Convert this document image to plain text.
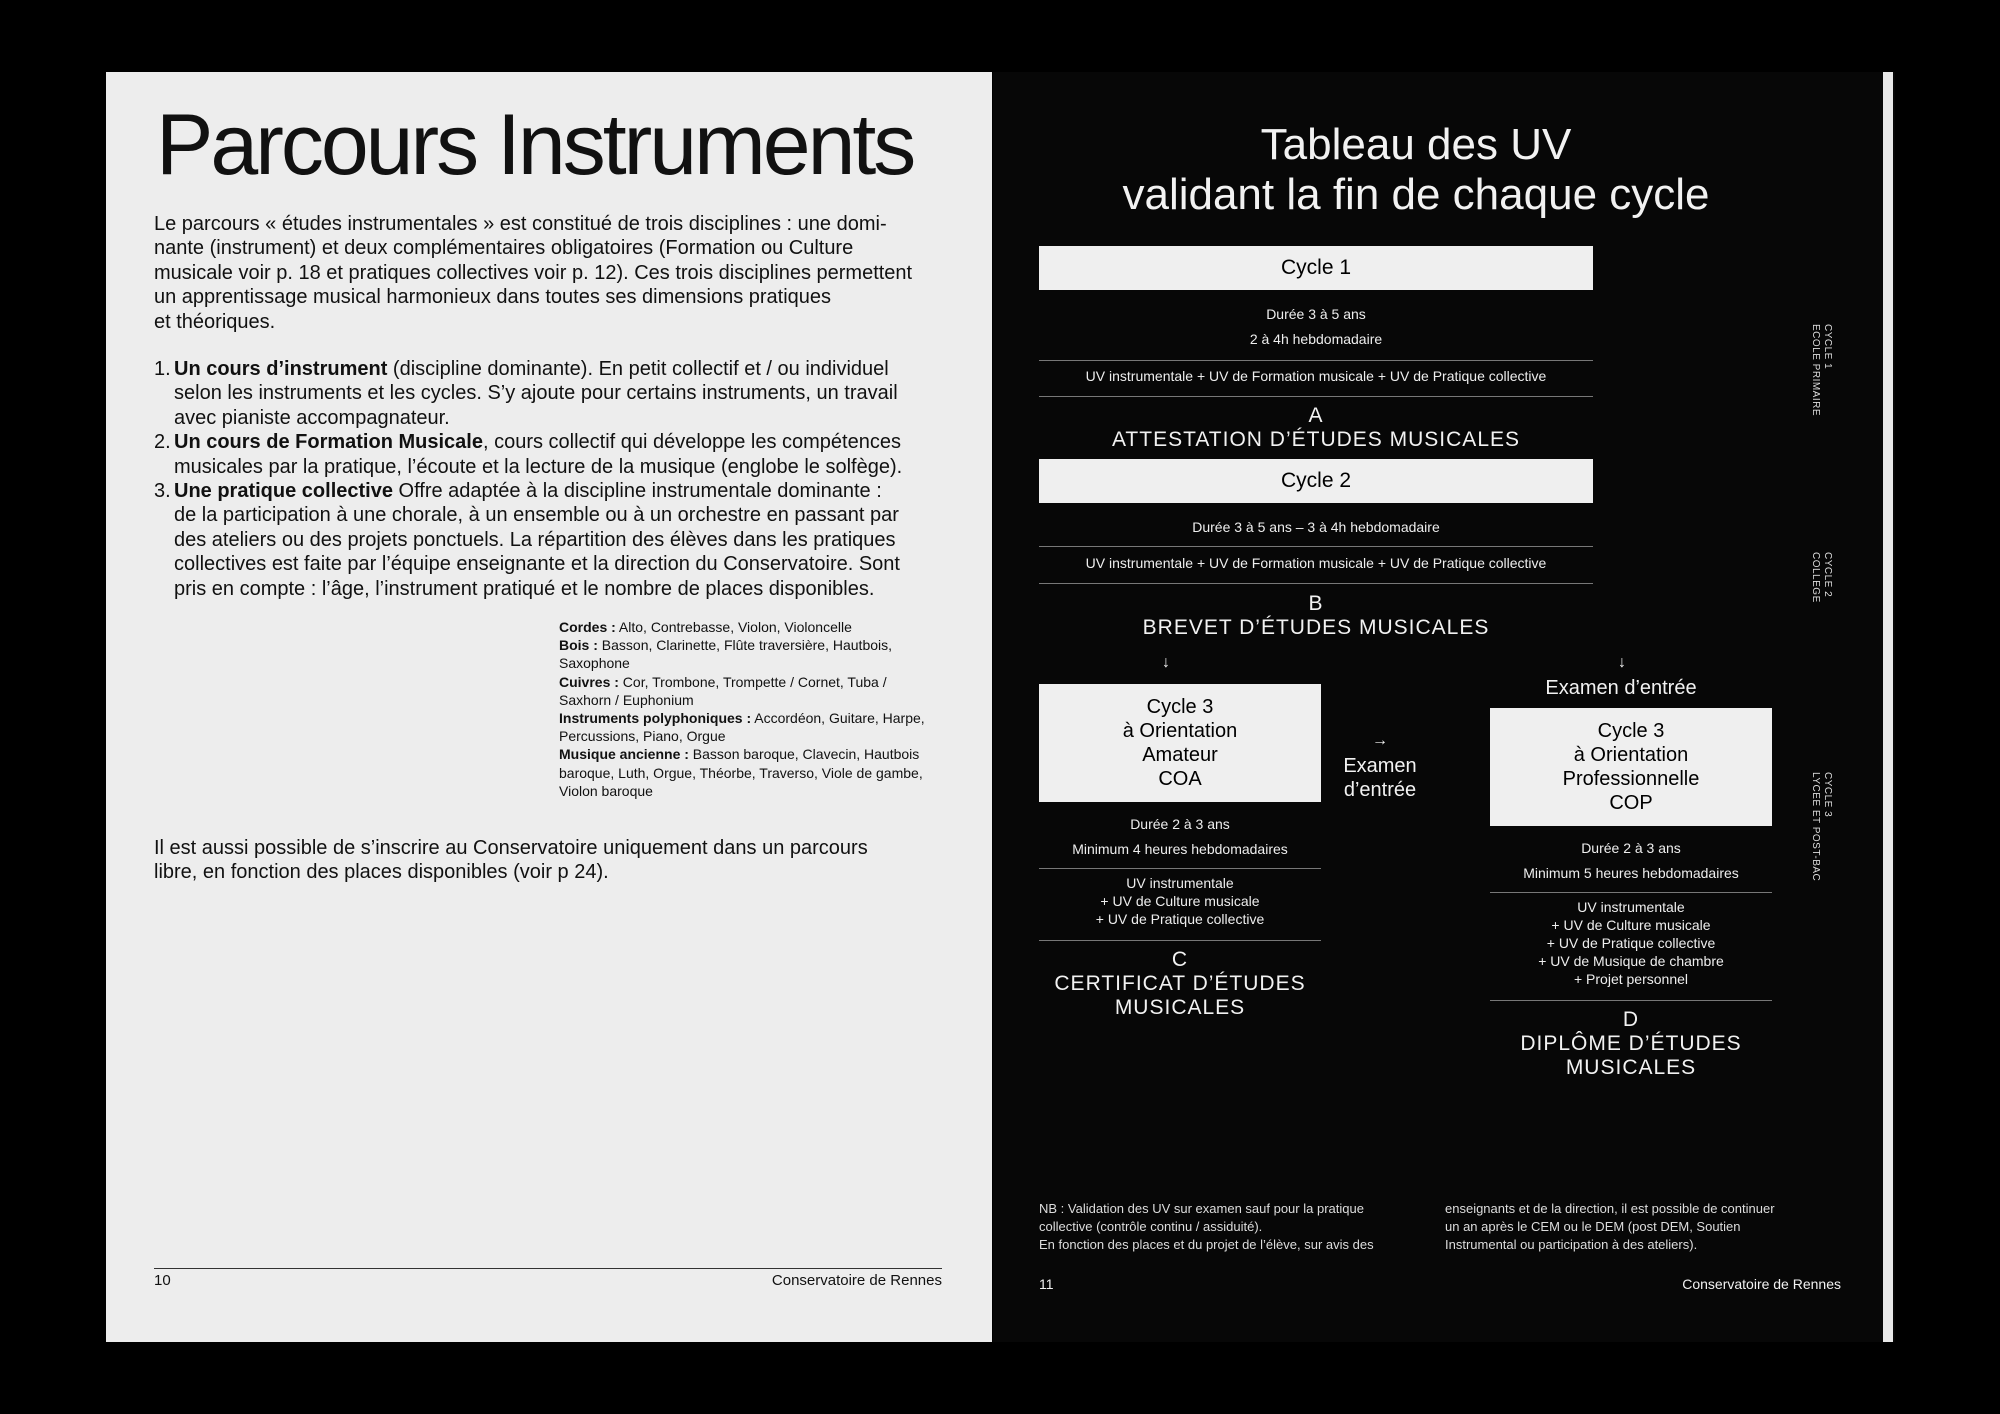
Parcours Instruments

Le parcours « études instrumentales » est constitué de trois disciplines : une domi-
nante (instrument) et deux complémentaires obligatoires (Formation ou Culture
musicale voir p. 18 et pratiques collectives voir p. 12). Ces trois disciplines permettent
un apprentissage musical harmonieux dans toutes ses dimensions pratiques
et théoriques.

1. Un cours d’instrument (discipline dominante). En petit collectif et / ou individuel
selon les instruments et les cycles. S’y ajoute pour certains instruments, un travail
avec pianiste accompagnateur.
2. Un cours de Formation Musicale, cours collectif qui développe les compétences
musicales par la pratique, l’écoute et la lecture de la musique (englobe le solfège).
3. Une pratique collective Offre adaptée à la discipline instrumentale dominante :
de la participation à une chorale, à un ensemble ou à un orchestre en passant par
des ateliers ou des projets ponctuels. La répartition des élèves dans les pratiques
collectives est faite par l’équipe enseignante et la direction du Conservatoire. Sont
pris en compte : l’âge, l’instrument pratiqué et le nombre de places disponibles.
Cordes : Alto, Contrebasse, Violon, Violoncelle
Bois : Basson, Clarinette, Flûte traversière, Hautbois,
Saxophone
Cuivres : Cor, Trombone, Trompette / Cornet, Tuba /
Saxhorn / Euphonium
Instruments polyphoniques : Accordéon, Guitare, Harpe,
Percussions, Piano, Orgue
Musique ancienne : Basson baroque, Clavecin, Hautbois
baroque, Luth, Orgue, Théorbe, Traverso, Viole de gambe,
Violon baroque

Il est aussi possible de s’inscrire au Conservatoire uniquement dans un parcours
libre, en fonction des places disponibles (voir p 24).

10	Conservatoire de Rennes
Tableau des UV
validant la fin de chaque cycle
Cycle 1
Durée 3 à 5 ans
2 à 4h hebdomadaire
UV instrumentale + UV de Formation musicale + UV de Pratique collective
A
ATTESTATION D’ÉTUDES MUSICALES
CYCLE 1
ECOLE PRIMAIRE
Cycle 2
Durée 3 à 5 ans – 3 à 4h hebdomadaire
UV instrumentale + UV de Formation musicale + UV de Pratique collective
B
BREVET D’ÉTUDES MUSICALES
CYCLE 2
COLLEGE
↓	↓
Examen d’entrée
Cycle 3
à Orientation
Amateur
COA
→
Examen
d’entrée
Durée 2 à 3 ans
Minimum 4 heures hebdomadaires
UV instrumentale
+ UV de Culture musicale
+ UV de Pratique collective
C
CERTIFICAT D’ÉTUDES
MUSICALES
Cycle 3
à Orientation
Professionnelle
COP
Durée 2 à 3 ans
Minimum 5 heures hebdomadaires
UV instrumentale
+ UV de Culture musicale
+ UV de Pratique collective
+ UV de Musique de chambre
+ Projet personnel
D
DIPLÔME D’ÉTUDES
MUSICALES
CYCLE 3
LYCEE ET POST-BAC
NB : Validation des UV sur examen sauf pour la pratique
collective (contrôle continu / assiduité).
En fonction des places et du projet de l’élève, sur avis des
enseignants et de la direction, il est possible de continuer
un an après le CEM ou le DEM (post DEM, Soutien
Instrumental ou participation à des ateliers).
11	Conservatoire de Rennes
